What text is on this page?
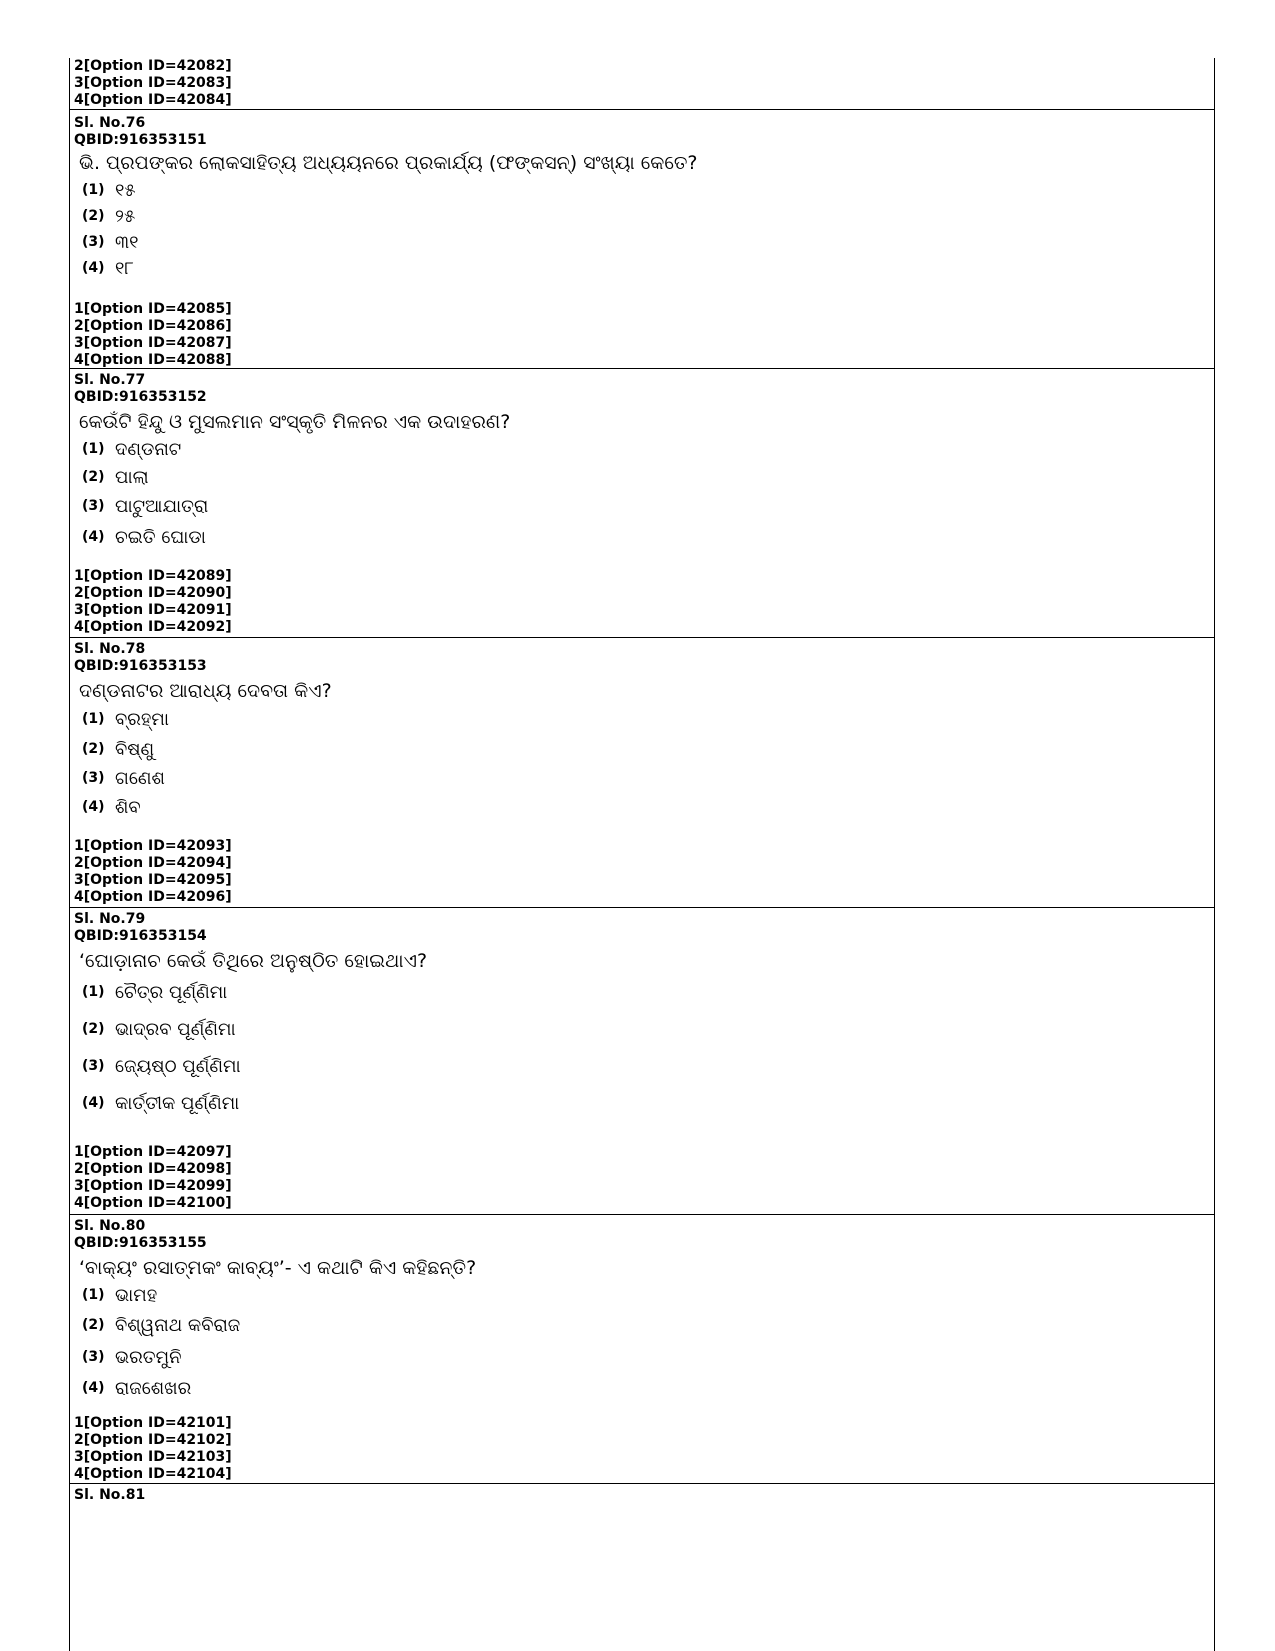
2[Option ID=42082]
3[Option ID=42083]
4[Option ID=42084]
Sl. No.76
QBID:916353151
ଭି. ପ୍ରପଙ୍କର ଲୋକସାହିତ୍ୟ ଅଧ୍ୟୟନରେ ପ୍ରକାର୍ଯ୍ୟ (ଫଙ୍କସନ୍) ସଂଖ୍ୟା କେତେ?
(1) ୧୫
(2) ୨୫
(3) ୩୧
(4) ୧୮
1[Option ID=42085]
2[Option ID=42086]
3[Option ID=42087]
4[Option ID=42088]
Sl. No.77
QBID:916353152
କେଉଁଟି ହିନ୍ଦୁ ଓ ମୁସଲମାନ ସଂସ୍କୃତି ମିଳନର ଏକ ଉଦାହରଣ?
(1) ଦଣ୍ଡନାଟ
(2) ପାଲା
(3) ପାଟୁଆଯାତ୍ରା
(4) ଚଇତି ଘୋଡା
1[Option ID=42089]
2[Option ID=42090]
3[Option ID=42091]
4[Option ID=42092]
Sl. No.78
QBID:916353153
ଦଣ୍ଡନାଟର ଆରାଧ୍ୟ ଦେବତା କିଏ?
(1) ବ୍ରହ୍ମା
(2) ବିଷ୍ଣୁ
(3) ଗଣେଶ
(4) ଶିବ
1[Option ID=42093]
2[Option ID=42094]
3[Option ID=42095]
4[Option ID=42096]
Sl. No.79
QBID:916353154
‘ଘୋଡ଼ାନାଚ କେଉଁ ତିଥିରେ ଅନୁଷ୍ଠିତ ହୋଇଥାଏ?
(1) ଚୈତ୍ର ପୂର୍ଣ୍ଣିମା
(2) ଭାଦ୍ରବ ପୂର୍ଣ୍ଣିମା
(3) ଜ୍ୟେଷ୍ଠ ପୂର୍ଣ୍ଣିମା
(4) କାର୍ତ୍ତୀକ ପୂର୍ଣ୍ଣିମା
1[Option ID=42097]
2[Option ID=42098]
3[Option ID=42099]
4[Option ID=42100]
Sl. No.80
QBID:916353155
‘ବାକ୍ୟଂ ରସାତ୍ମକଂ କାବ୍ୟଂ’- ଏ କଥାଟି କିଏ କହିଛନ୍ତି?
(1) ଭାମହ
(2) ବିଶ୍ୱନାଥ କବିରାଜ
(3) ଭରତମୁନି
(4) ରାଜଶେଖର
1[Option ID=42101]
2[Option ID=42102]
3[Option ID=42103]
4[Option ID=42104]
Sl. No.81
